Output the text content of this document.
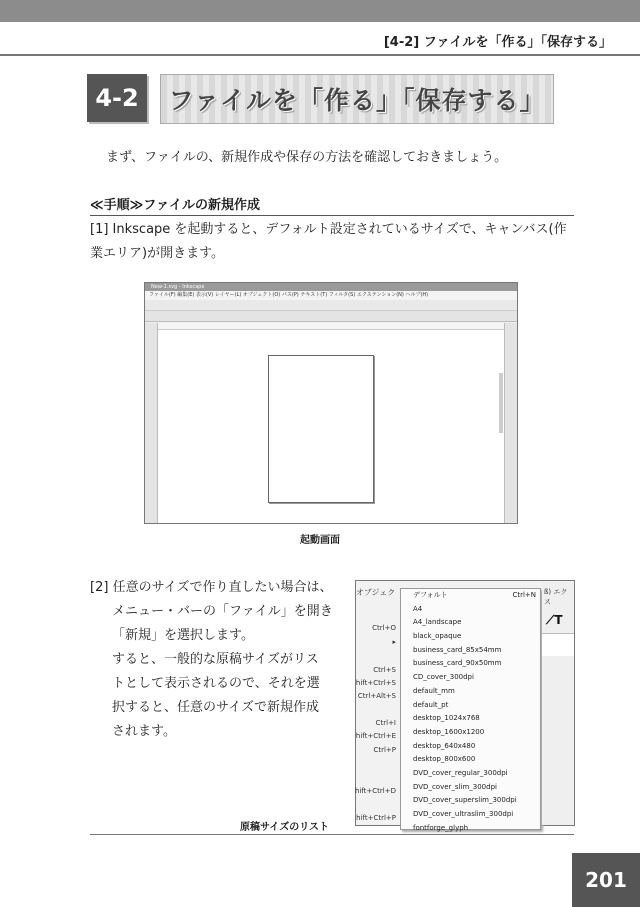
[4-2] ファイルを「作る」「保存する」
4-2	ファイルを「作る」「保存する」
まず、ファイルの、新規作成や保存の方法を確認しておきましょう。
≪手順≫ファイルの新規作成
[1] Inkscape を起動すると、デフォルト設定されているサイズで、キャンバス(作業エリア)が開きます。
New-1.svg - Inkscape
ファイル(F) 編集(E) 表示(V) レイヤー(L) オブジェクト(O) パス(P) テキスト(T) フィルタ(S) エクステンション(N) ヘルプ(H)
起動画面
[2] 任意のサイズで作り直したい場合は、
メニュー・バーの「ファイル」を開き
「新規」を選択します。
すると、一般的な原稿サイズがリス
トとして表示されるので、それを選
択すると、任意のサイズで新規作成
されます。
オブジェク
Ctrl+O
▸
Ctrl+S
hift+Ctrl+S
Ctrl+Alt+S
Ctrl+I
hift+Ctrl+E
Ctrl+P
hift+Ctrl+D
hift+Ctrl+P
デフォルト	Ctrl+N
A4
A4_landscape
black_opaque
business_card_85x54mm
business_card_90x50mm
CD_cover_300dpi
default_mm
default_pt
desktop_1024x768
desktop_1600x1200
desktop_640x480
desktop_800x600
DVD_cover_regular_300dpi
DVD_cover_slim_300dpi
DVD_cover_superslim_300dpi
DVD_cover_ultraslim_300dpi
fontforge_glyph
ß) エクス
⟋T
原稿サイズのリスト
201
